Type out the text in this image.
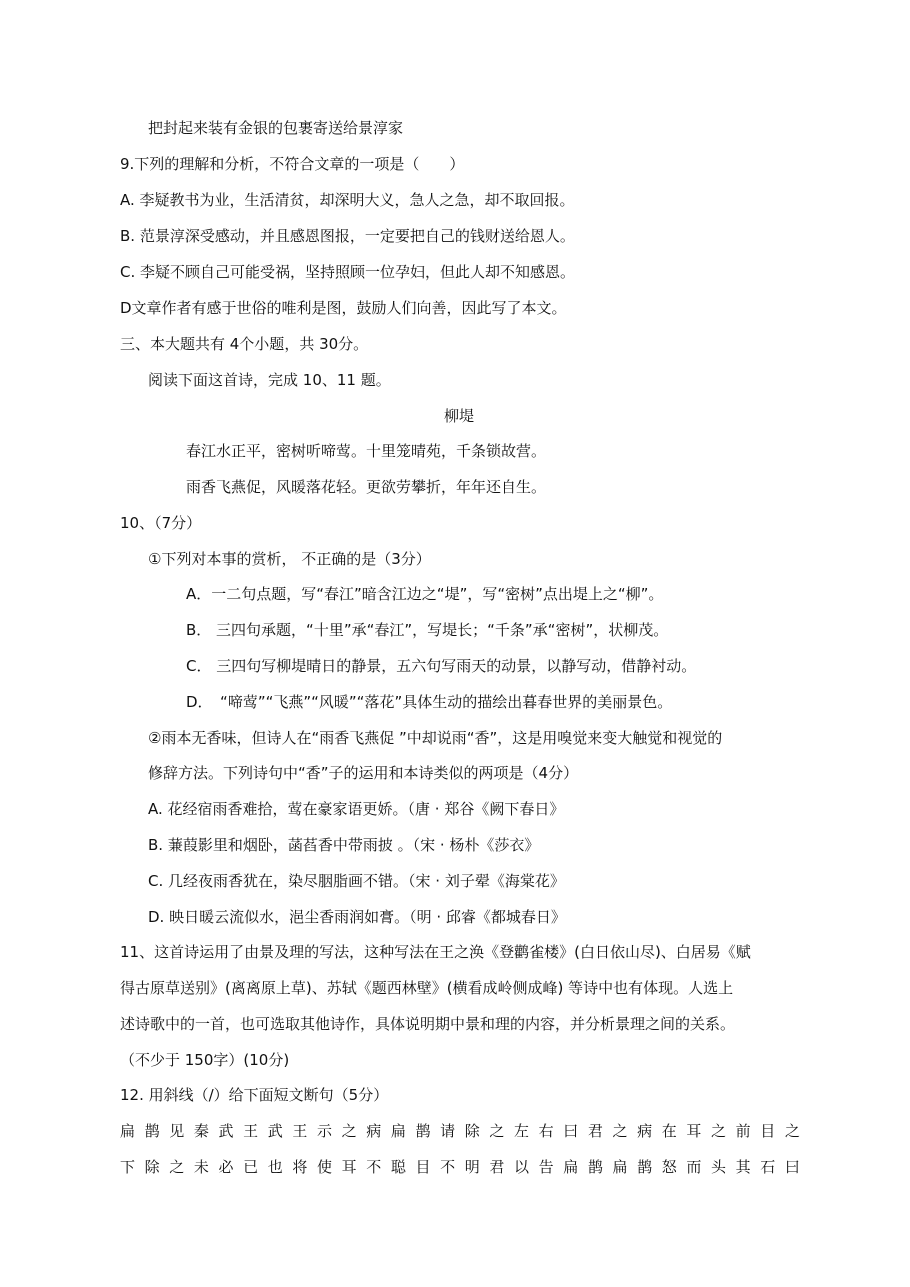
把封起来装有金银的包裹寄送给景淳家
9.下列的理解和分析，不符合文章的一项是（　　）
A. 李疑教书为业，生活清贫，却深明大义，急人之急，却不取回报。
B. 范景淳深受感动，并且感恩图报，一定要把自己的钱财送给恩人。
C. 李疑不顾自己可能受祸，坚持照顾一位孕妇，但此人却不知感恩。
D文章作者有感于世俗的唯利是图，鼓励人们向善，因此写了本文。
三、本大题共有 4个小题，共 30分。
阅读下面这首诗，完成 10、11 题。
柳堤
春江水正平，密树听啼莺。十里笼晴苑，千条锁故营。
雨香飞燕促，风暖落花轻。更欲劳攀折，年年还自生。
10、（7分）
①下列对本事的赏析， 不正确的是（3分）
A．一二句点题，写“春江”暗含江边之“堤”，写“密树”点出堤上之“柳”。
B． 三四句承题，“十里”承“春江”，写堤长；“千条”承“密树”，状柳茂。
C． 三四句写柳堤晴日的静景，五六句写雨天的动景，以静写动，借静衬动。
D．　“啼莺”“飞燕”“风暖”“落花”具体生动的描绘出暮春世界的美丽景色。
②雨本无香味，但诗人在“雨香飞燕促 ”中却说雨“香”，这是用嗅觉来变大触觉和视觉的
修辞方法。下列诗句中“香”子的运用和本诗类似的两项是（4分）
A. 花经宿雨香难拾，莺在豪家语更娇。（唐 · 郑谷《阙下春日》
B. 蒹葭影里和烟卧，菡萏香中带雨披 。（宋 · 杨朴《莎衣》
C. 几经夜雨香犹在，染尽胭脂画不错。（宋 · 刘子翚《海棠花》
D. 映日暖云流似水，浥尘香雨润如膏。（明 · 邱睿《都城春日》
11、这首诗运用了由景及理的写法，这种写法在王之涣《登鹳雀楼》(白日依山尽)、白居易《赋
得古原草送别》(离离原上草)、苏轼《题西林壁》(横看成岭侧成峰) 等诗中也有体现。人选上
述诗歌中的一首，也可选取其他诗作，具体说明期中景和理的内容，并分析景理之间的关系。
（不少于 150字）(10分)
12. 用斜线（/）给下面短文断句（5分）
扁 鹊 见 秦 武 王 武 王 示 之 病 扁 鹊 请 除 之 左 右 曰 君 之 病 在 耳 之 前 目 之
下 除 之 未 必 已 也 将 使 耳 不 聪 目 不 明 君 以 告 扁 鹊 扁 鹊 怒 而 头 其 石 曰
